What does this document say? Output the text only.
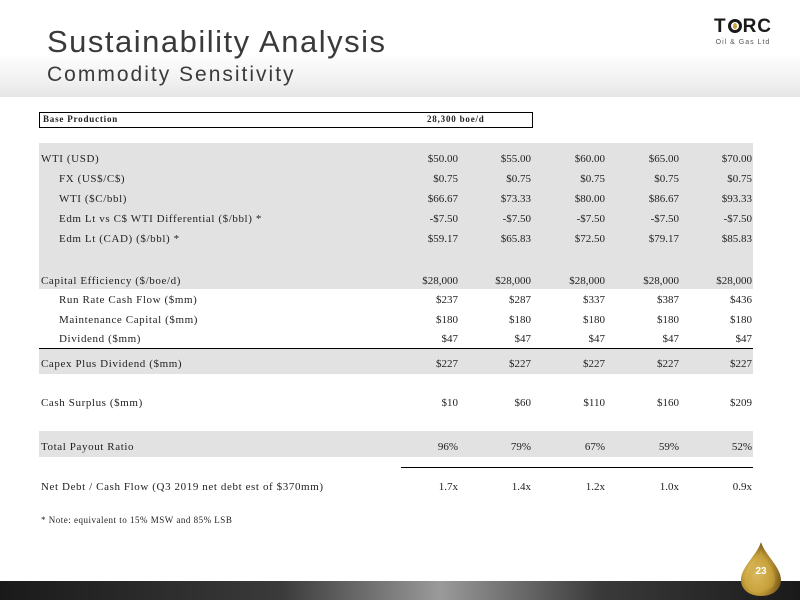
Sustainability Analysis
Commodity Sensitivity
T RC
Oil & Gas Ltd
Base Production	28,300 boe/d
WTI (USD)	$50.00	$55.00	$60.00	$65.00	$70.00
FX (US$/C$)	$0.75	$0.75	$0.75	$0.75	$0.75
WTI ($C/bbl)	$66.67	$73.33	$80.00	$86.67	$93.33
Edm Lt vs C$ WTI Differential ($/bbl) *	-$7.50	-$7.50	-$7.50	-$7.50	-$7.50
Edm Lt (CAD) ($/bbl) *	$59.17	$65.83	$72.50	$79.17	$85.83
Capital Efficiency ($/boe/d)	$28,000	$28,000	$28,000	$28,000	$28,000
Run Rate Cash Flow ($mm)	$237	$287	$337	$387	$436
Maintenance Capital ($mm)	$180	$180	$180	$180	$180
Dividend ($mm)	$47	$47	$47	$47	$47
Capex Plus Dividend ($mm)	$227	$227	$227	$227	$227
Cash Surplus ($mm)	$10	$60	$110	$160	$209
Total Payout Ratio	96%	79%	67%	59%	52%
Net Debt / Cash Flow (Q3 2019 net debt est of $370mm)	1.7x	1.4x	1.2x	1.0x	0.9x
* Note: equivalent to 15% MSW and 85% LSB
23
